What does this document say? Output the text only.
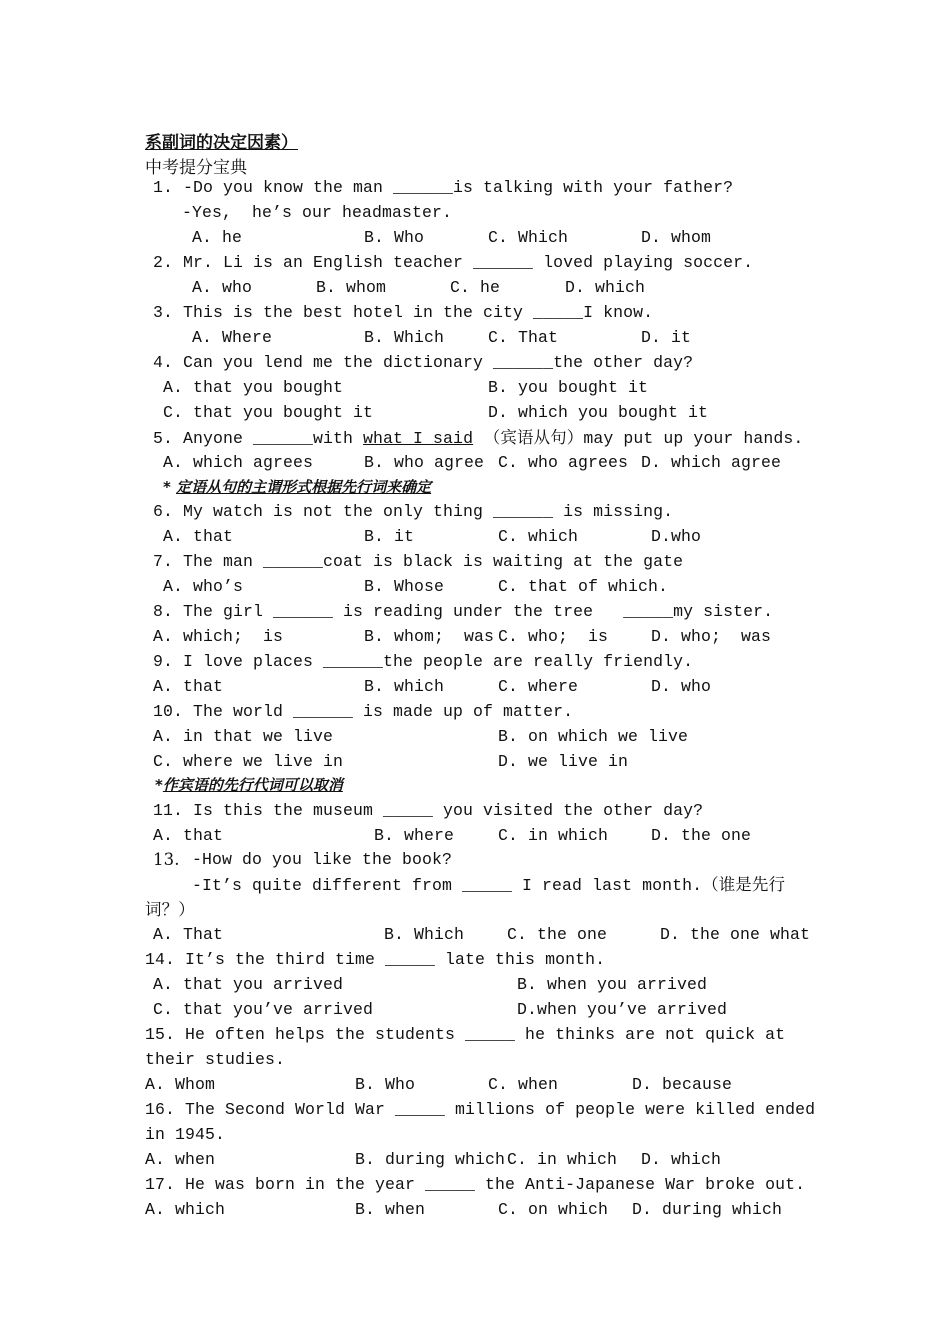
系副词的决定因素）
中考提分宝典
1. -Do you know the man ______is talking with your father?
-Yes,  he’s our headmaster.
A. he	B. Who	C. Which	D. whom
2. Mr. Li is an English teacher ______ loved playing soccer.
A. who	B. whom	C. he	D. which
3. This is the best hotel in the city _____I know.
A. Where	B. Which	C. That	D. it
4. Can you lend me the dictionary ______the other day?
A. that you bought	B. you bought it
C. that you bought it	D. which you bought it
5. Anyone ______with what I said  （宾语从句）may put up your hands.
A. which agrees	B. who agree C. who agrees D. which agree
* 定语从句的主谓形式根据先行词来确定
6. My watch is not the only thing ______ is missing.
A. that	B. it	C. which	D.who
7. The man ______coat is black is waiting at the gate
A. who’s	B. Whose	C. that of which.
8. The girl ______ is reading under the tree   _____my sister.
A. which;  is	B. whom;  was C. who;  is	D. who;  was
9. I love places ______the people are really friendly.
A. that	B. which	C. where	D. who
10. The world ______ is made up of matter.
A. in that we live	B. on which we live
C. where we live in	D. we live in
*作宾语的先行代词可以取消
11. Is this the museum _____ you visited the other day?
A. that	B. where	C. in which	D. the one
13. -How do you like the book?
-It’s quite different from _____ I read last month.（谁是先行
词？）
A. That	B. Which	C. the one	D. the one what
14. It’s the third time _____ late this month.
A. that you arrived	B. when you arrived
C. that you’ve arrived	D.when you’ve arrived
15. He often helps the students _____ he thinks are not quick at
their studies.
A. Whom	B. Who	C. when	D. because
16. The Second World War _____ millions of people were killed ended
in 1945.
A. when	B. during which C. in which D. which
17. He was born in the year _____ the Anti-Japanese War broke out.
A. which	B. when	C. on which D. during which
